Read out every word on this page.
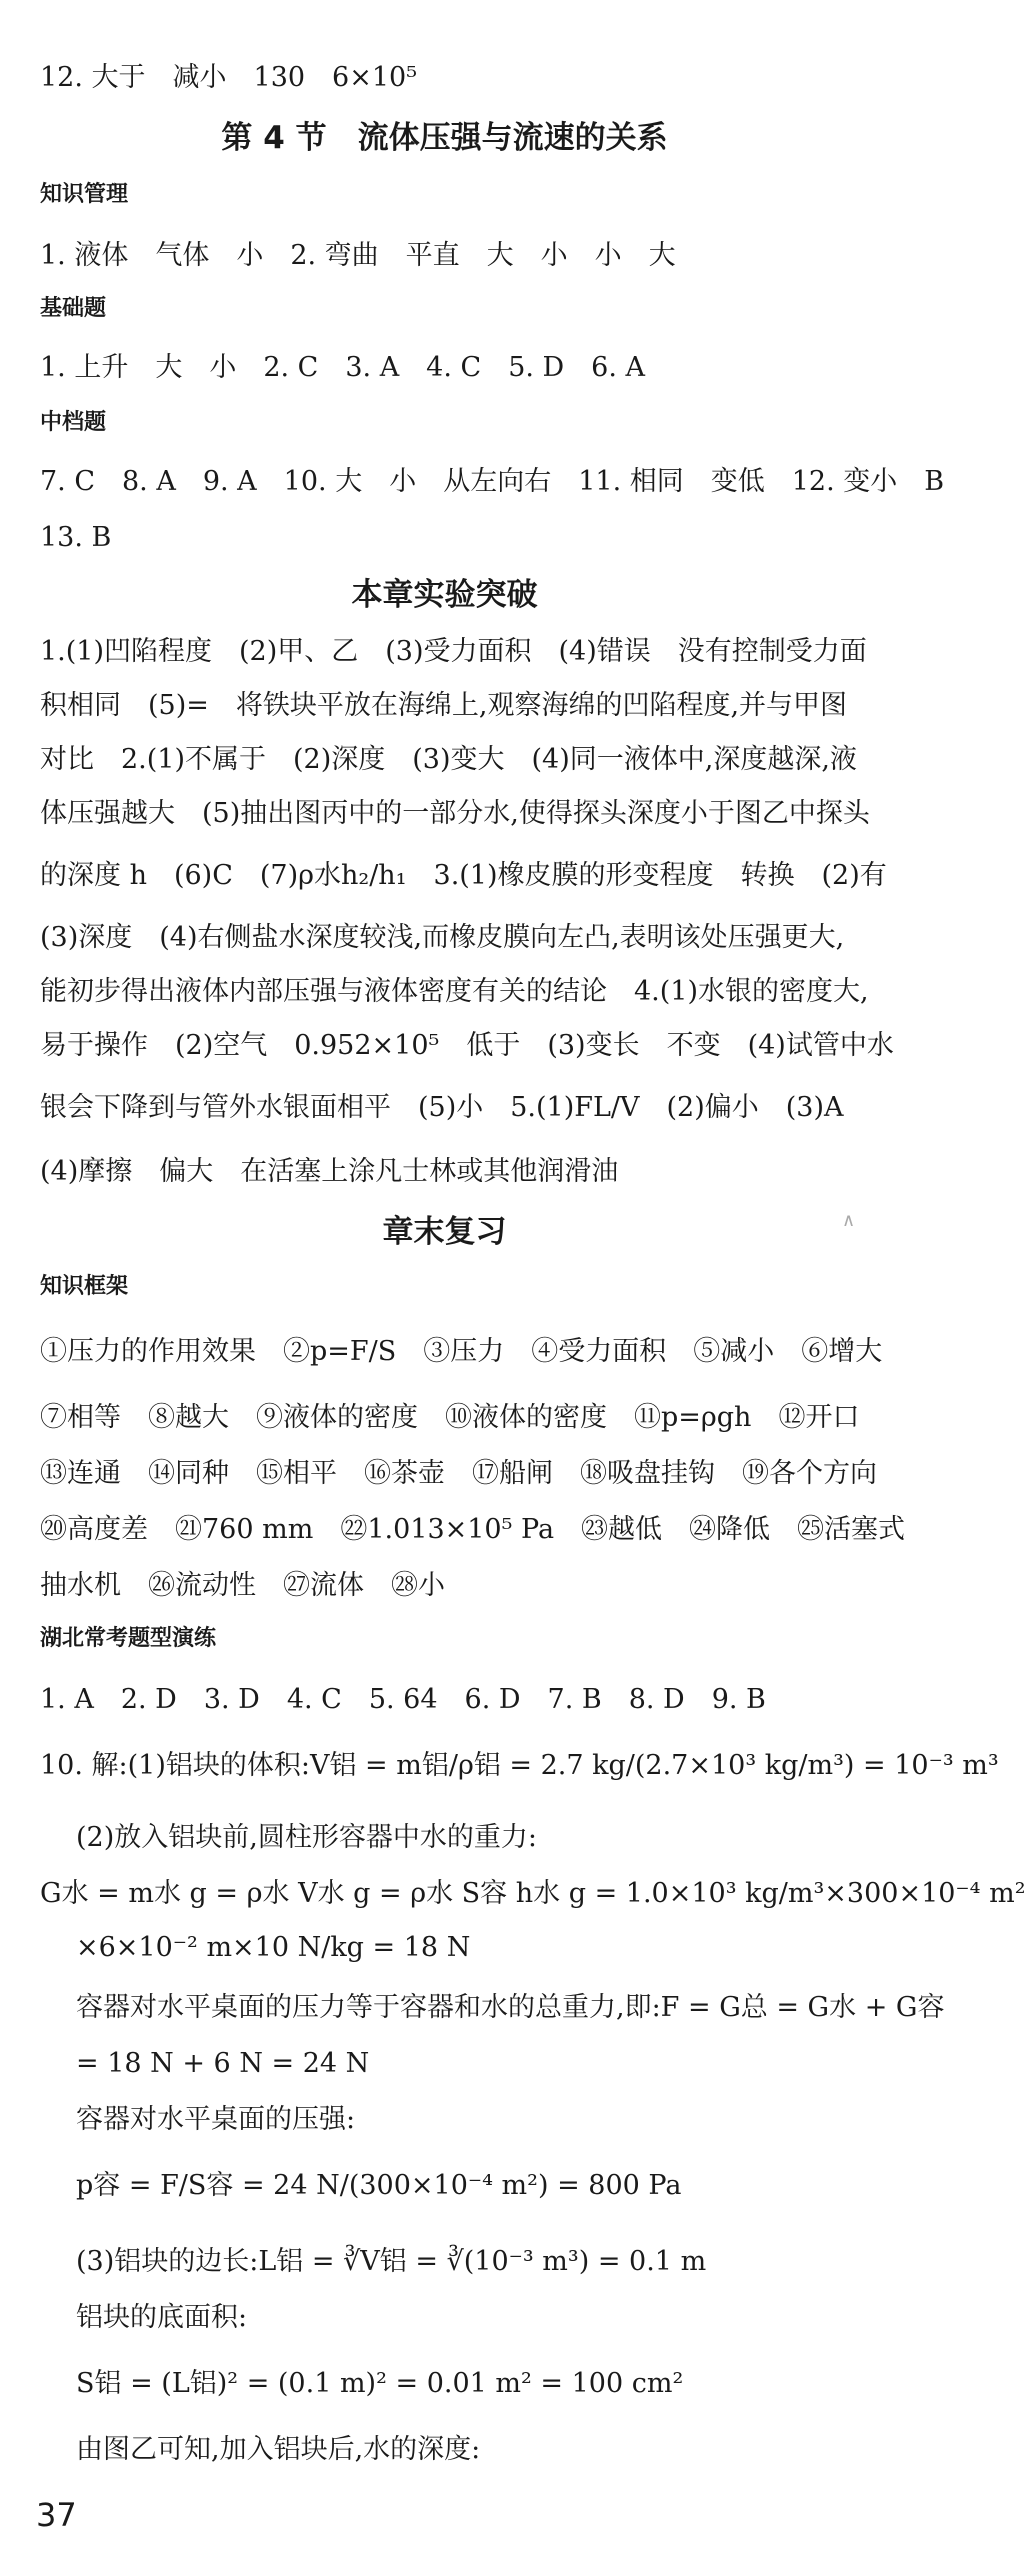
12. 大于　减小　130　6×10⁵
第 4 节　流体压强与流速的关系
知识管理
1. 液体　气体　小　2. 弯曲　平直　大　小　小　大
基础题
1. 上升　大　小　2. C　3. A　4. C　5. D　6. A
中档题
7. C　8. A　9. A　10. 大　小　从左向右　11. 相同　变低　12. 变小　B
13. B
本章实验突破
1.(1)凹陷程度　(2)甲、乙　(3)受力面积　(4)错误　没有控制受力面
积相同　(5)=　将铁块平放在海绵上,观察海绵的凹陷程度,并与甲图
对比　2.(1)不属于　(2)深度　(3)变大　(4)同一液体中,深度越深,液
体压强越大　(5)抽出图丙中的一部分水,使得探头深度小于图乙中探头
的深度 h　(6)C　(7)ρ水h₂/h₁　3.(1)橡皮膜的形变程度　转换　(2)有
(3)深度　(4)右侧盐水深度较浅,而橡皮膜向左凸,表明该处压强更大,
能初步得出液体内部压强与液体密度有关的结论　4.(1)水银的密度大,
易于操作　(2)空气　0.952×10⁵　低于　(3)变长　不变　(4)试管中水
银会下降到与管外水银面相平　(5)小　5.(1)FL/V　(2)偏小　(3)A
(4)摩擦　偏大　在活塞上涂凡士林或其他润滑油
∧
章末复习
知识框架
①压力的作用效果　②p=F/S　③压力　④受力面积　⑤减小　⑥增大
⑦相等　⑧越大　⑨液体的密度　⑩液体的密度　⑪p=ρgh　⑫开口
⑬连通　⑭同种　⑮相平　⑯茶壶　⑰船闸　⑱吸盘挂钩　⑲各个方向
⑳高度差　㉑760 mm　㉒1.013×10⁵ Pa　㉓越低　㉔降低　㉕活塞式
抽水机　㉖流动性　㉗流体　㉘小
湖北常考题型演练
1. A　2. D　3. D　4. C　5. 64　6. D　7. B　8. D　9. B
10. 解:(1)铝块的体积:V铝 = m铝/ρ铝 = 2.7 kg/(2.7×10³ kg/m³) = 10⁻³ m³
(2)放入铝块前,圆柱形容器中水的重力:
G水 = m水 g = ρ水 V水 g = ρ水 S容 h水 g = 1.0×10³ kg/m³×300×10⁻⁴ m²
×6×10⁻² m×10 N/kg = 18 N
容器对水平桌面的压力等于容器和水的总重力,即:F = G总 = G水 + G容
= 18 N + 6 N = 24 N
容器对水平桌面的压强:
p容 = F/S容 = 24 N/(300×10⁻⁴ m²) = 800 Pa
(3)铝块的边长:L铝 = ∛V铝 = ∛(10⁻³ m³) = 0.1 m
铝块的底面积:
S铝 = (L铝)² = (0.1 m)² = 0.01 m² = 100 cm²
由图乙可知,加入铝块后,水的深度:
37
